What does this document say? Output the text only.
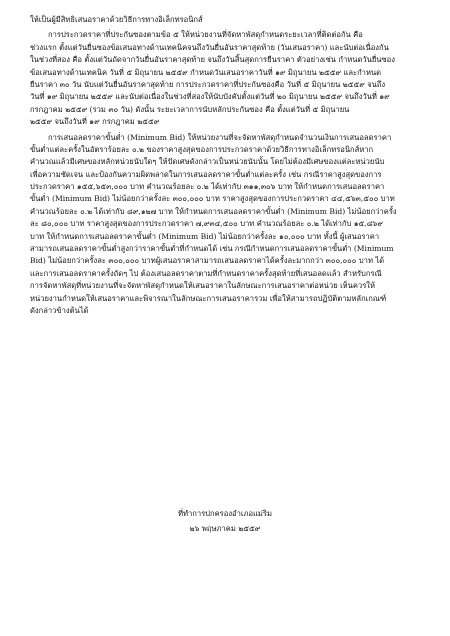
ให้เป็นผู้มีสิทธิเสนอราคาด้วยวิธีการทางอิเล็กทรอนิกส์
การประกวดราคาที่ประกันซองตามข้อ ๕ ให้หน่วยงานที่จัดหาพัสดุกำหนดระยะเวลาที่ติดต่อกัน คือ
ช่วงแรก ตั้งแต่วันยื่นซองข้อเสนอทางด้านเทคนิคจนถึงวันยื่นอันราคาสุดท้าย (วันเสนอราคา) และนับต่อเนื่องกัน
ในช่วงที่สอง คือ ตั้งแต่วันถัดจากวันยื่นอันราคาสุดท้าย จนถึงวันสิ้นสุดการยืนราคา ตัวอย่างเช่น กำหนดวันยื่นซอง
ข้อเสนอทางด้านเทคนิค วันที่ ๕ มิถุนายน ๒๕๕๙ กำหนดวันเสนอราคาวันที่ ๑๙ มิถุนายน ๒๕๕๙ และกำหนด
ยืนราคา ๓๐ วัน นับแต่วันยื่นอันราคาสุดท้าย การประกวดราคาที่ประกันซองคือ วันที่ ๕ มิถุนายน ๒๕๕๙ จนถึง
วันที่ ๑๙ มิถุนายน ๒๕๕๙ และนับต่อเนื่องในช่วงที่สองให้นับบังคับตั้งแต่วันที่ ๒๐ มิถุนายน ๒๕๕๙ จนถึงวันที่ ๑๙
กรกฎาคม ๒๕๕๙ (รวม ๓๐ วัน) ดังนั้น ระยะเวลาการนับหลักประกันซอง คือ ตั้งแต่วันที่ ๕ มิถุนายน
๒๕๕๙ จนถึงวันที่ ๑๙ กรกฎาคม ๒๕๕๙
การเสนอลดราคาขั้นต่ำ (Minimum Bid) ให้หน่วยงานที่จะจัดหาพัสดุกำหนดจำนวนเงินการเสนอลดราคา
ขั้นต่ำแต่ละครั้งในอัตราร้อยละ ๐.๒ ของราคาสูงสุดของการประกวดราคาด้วยวิธีการทางอิเล็กทรอนิกส์หาก
คำนวณแล้วมีเศษของหลักหน่วยนับใดๆ ให้ปัดเศษดังกล่าวเป็นหน่วยนับนั้น โดยไม่ต้องมีเศษของแต่ละหน่วยนับ
เพื่อความชัดเจน และป้องกันความผิดพลาดในการเสนอลดราคาขั้นต่ำแต่ละครั้ง เช่น กรณีราคาสูงสุดของการ
ประกวดราคา ๑๕๕,๖๕๓,๐๐๐ บาท คำนวณร้อยละ ๐.๒ ได้เท่ากับ ๓๑๑,๓๐๖ บาท ให้กำหนดการเสนอลดราคา
ขั้นต่ำ (Minimum Bid) ไม่น้อยกว่าครั้งละ ๓๐๐,๐๐๐ บาท ราคาสูงสุดของการประกวดราคา ๔๔,๕๖๓,๕๐๐ บาท
คำนวณร้อยละ ๐.๒ ได้เท่ากับ ๘๙,๑๒๗ บาท ให้กำหนดการเสนอลดราคาขั้นต่ำ (Minimum Bid) ไม่น้อยกว่าครั้ง
ละ ๘๐,๐๐๐ บาท ราคาสูงสุดของการประกวดราคา ๗,๙๓๔,๕๐๐ บาท คำนวณร้อยละ ๐.๒ ได้เท่ากับ ๑๕,๘๖๙
บาท ให้กำหนดการเสนอลดราคาขั้นต่ำ (Minimum Bid) ไม่น้อยกว่าครั้งละ ๑๐,๐๐๐ บาท ทั้งนี้ ผู้เสนอราคา
สามารถเสนอลดราคาขั้นต่ำสูงกว่าราคาขั้นต่ำที่กำหนดได้ เช่น กรณีกำหนดการเสนอลดราคาขั้นต่ำ (Minimum
Bid) ไม่น้อยกว่าครั้งละ ๓๐๐,๐๐๐ บาทผู้เสนอราคาสามารถเสนอลดราคาได้ครั้งละมากกว่า ๓๐๐,๐๐๐ บาท ได้
และการเสนอลดราคาครั้งถัดๆ ไป ต้องเสนอลดราคาตามที่กำหนดราคาครั้งสุดท้ายที่เสนอลดแล้ว สำหรับกรณี
การจัดหาพัสดุที่หน่วยงานที่จะจัดหาพัสดุกำหนดให้เสนอราคาในลักษณะการเสนอราคาต่อหน่วย เห็นควรให้
หน่วยงานกำหนดให้เสนอราคาและพิจารณาในลักษณะการเสนอราคารวม เพื่อให้สามารถปฏิบัติตามหลักเกณฑ์
ดังกล่าวข้างต้นได้
ที่ทำการปกครองอำเภอแม่ริม
๒๖ พฤษภาคม ๒๕๕๙
